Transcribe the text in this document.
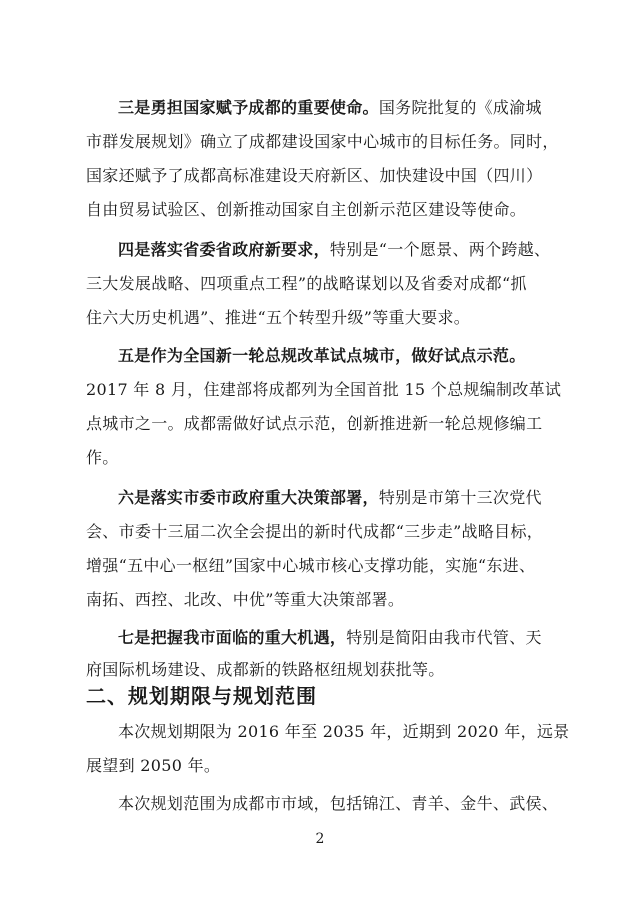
三是勇担国家赋予成都的重要使命。国务院批复的《成渝城
市群发展规划》确立了成都建设国家中心城市的目标任务。同时，
国家还赋予了成都高标准建设天府新区、加快建设中国（四川）
自由贸易试验区、创新推动国家自主创新示范区建设等使命。
四是落实省委省政府新要求，特别是“一个愿景、两个跨越、
三大发展战略、四项重点工程”的战略谋划以及省委对成都“抓
住六大历史机遇”、推进“五个转型升级”等重大要求。
五是作为全国新一轮总规改革试点城市，做好试点示范。
2017 年 8 月，住建部将成都列为全国首批 15 个总规编制改革试
点城市之一。成都需做好试点示范，创新推进新一轮总规修编工
作。
六是落实市委市政府重大决策部署，特别是市第十三次党代
会、市委十三届二次全会提出的新时代成都“三步走”战略目标，
增强“五中心一枢纽”国家中心城市核心支撑功能，实施“东进、
南拓、西控、北改、中优”等重大决策部署。
七是把握我市面临的重大机遇，特别是简阳由我市代管、天
府国际机场建设、成都新的铁路枢纽规划获批等。
二、规划期限与规划范围
本次规划期限为 2016 年至 2035 年，近期到 2020 年，远景
展望到 2050 年。
本次规划范围为成都市市域，包括锦江、青羊、金牛、武侯、
2
